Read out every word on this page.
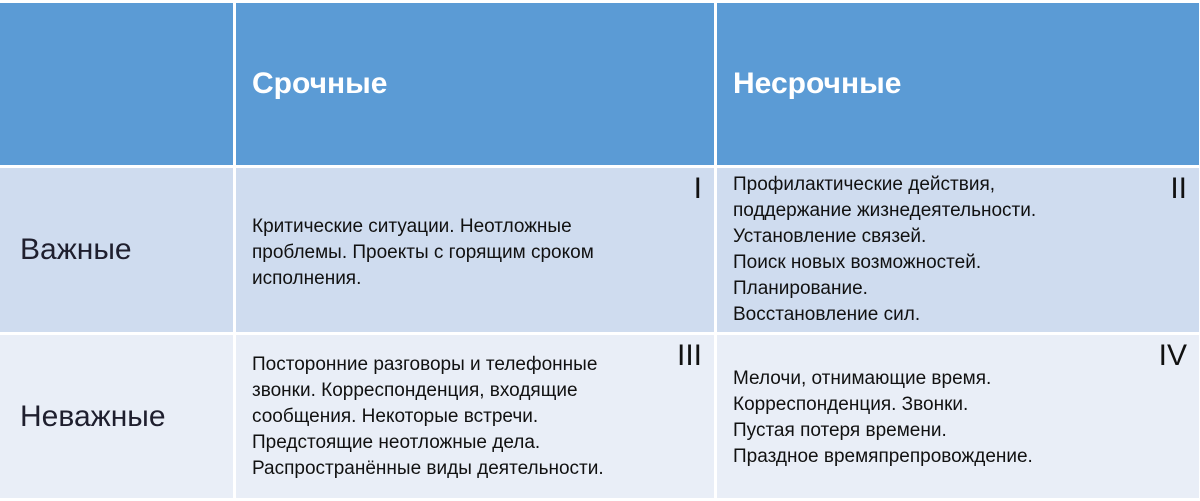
Срочные	Несрочные
Важные
I
Критические ситуации. Неотложные
проблемы. Проекты с горящим сроком
исполнения.
II
Профилактические действия,
поддержание жизнедеятельности.
Установление связей.
Поиск новых возможностей.
Планирование.
Восстановление сил.
Неважные
III
Посторонние разговоры и телефонные
звонки. Корреспонденция, входящие
сообщения. Некоторые встречи.
Предстоящие неотложные дела.
Распространённые виды деятельности.
IV
Мелочи, отнимающие время.
Корреспонденция. Звонки.
Пустая потеря времени.
Праздное времяпрепровождение.
